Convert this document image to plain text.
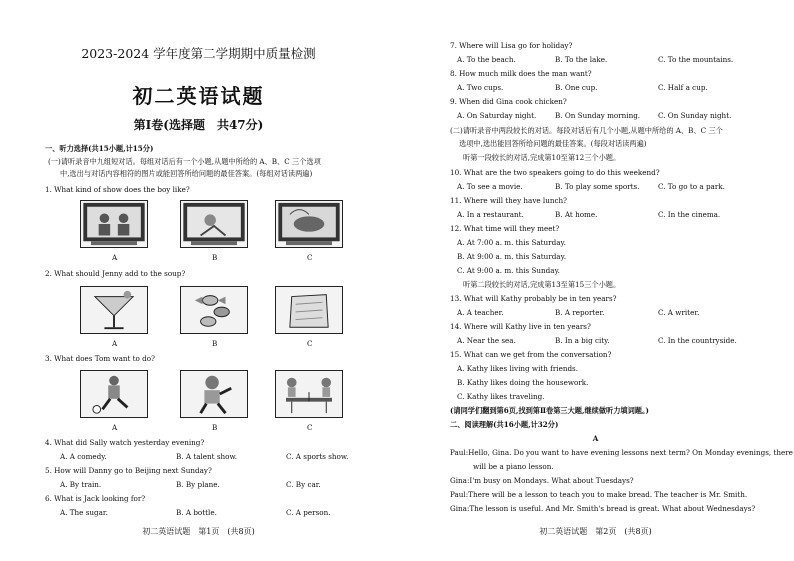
2023-2024 学年度第二学期期中质量检测
初二英语试题
第Ⅰ卷(选择题　共47分)
一、听力选择(共15小题,计15分)
(一)请听录音中九组短对话。每组对话后有一个小题,从题中所给的 A、B、C 三个选项
中,选出与对话内容相符的图片或能回答所给问题的最佳答案。(每组对话读两遍)
1. What kind of show does the boy like?
A	B	C
2. What should Jenny add to the soup?
A	B	C
3. What does Tom want to do?
A	B	C
4. What did Sally watch yesterday evening?
A. A comedy.	B. A talent show.	C. A sports show.
5. How will Danny go to Beijing next Sunday?
A. By train.	B. By plane.	C. By car.
6. What is Jack looking for?
A. The sugar.	B. A bottle.	C. A person.
初二英语试题　第1页　(共8页)
7. Where will Lisa go for holiday?
A. To the beach.	B. To the lake.	C. To the mountains.
8. How much milk does the man want?
A. Two cups.	B. One cup.	C. Half a cup.
9. When did Gina cook chicken?
A. On Saturday night.	B. On Sunday morning. C. On Sunday night.
(二)请听录音中两段较长的对话。每段对话后有几个小题,从题中所给的 A、B、C 三个
选项中,选出能回答所给问题的最佳答案。(每段对话读两遍)
听第一段较长的对话,完成第10至第12三个小题。
10. What are the two speakers going to do this weekend?
A. To see a movie.	B. To play some sports.	C. To go to a park.
11. Where will they have lunch?
A. In a restaurant.	B. At home.	C. In the cinema.
12. What time will they meet?
A. At 7:00 a. m. this Saturday.
B. At 9:00 a. m. this Saturday.
C. At 9:00 a. m. this Sunday.
听第二段较长的对话,完成第13至第15三个小题。
13. What will Kathy probably be in ten years?
A. A teacher.	B. A reporter.	C. A writer.
14. Where will Kathy live in ten years?
A. Near the sea.	B. In a big city.	C. In the countryside.
15. What can we get from the conversation?
A. Kathy likes living with friends.
B. Kathy likes doing the housework.
C. Kathy likes traveling.
(请同学们翻到第6页,找到第Ⅱ卷第三大题,继续做听力填词题。)
二、阅读理解(共16小题,计32分)
A
Paul:Hello, Gina. Do you want to have evening lessons next term? On Monday evenings, there
will be a piano lesson.
Gina:I'm busy on Mondays. What about Tuesdays?
Paul:There will be a lesson to teach you to make bread. The teacher is Mr. Smith.
Gina:The lesson is useful. And Mr. Smith's bread is great. What about Wednesdays?
初二英语试题　第2页　(共8页)
